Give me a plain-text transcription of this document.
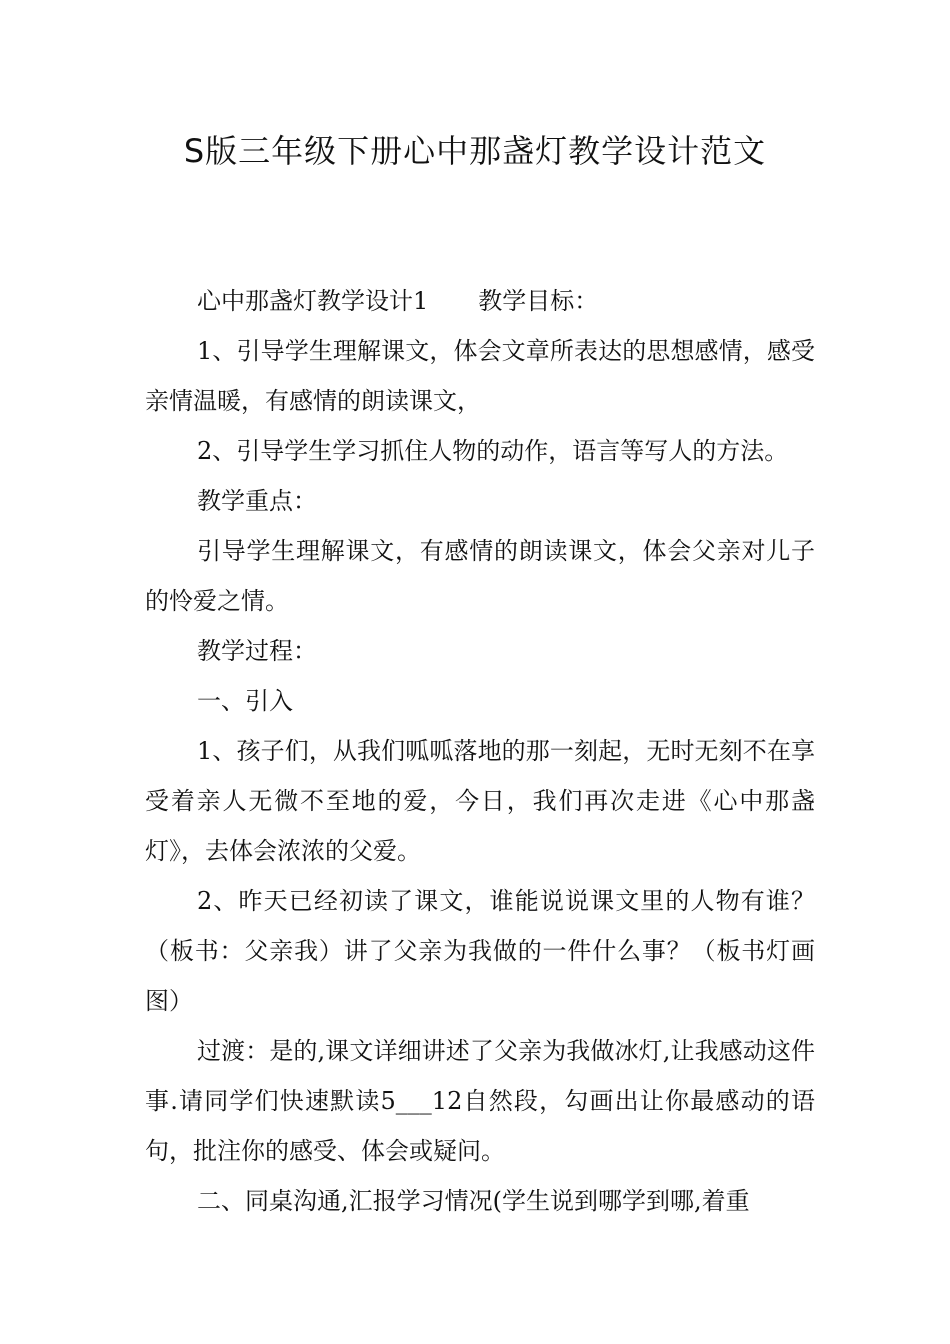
S版三年级下册心中那盏灯教学设计范文

心中那盏灯教学设计1 教学目标：

1、引导学生理解课文，体会文章所表达的思想感情，感受亲情温暖，有感情的朗读课文，

2、引导学生学习抓住人物的动作，语言等写人的方法。

教学重点：

引导学生理解课文，有感情的朗读课文，体会父亲对儿子的怜爱之情。

教学过程：

一、引入

1、孩子们，从我们呱呱落地的那一刻起，无时无刻不在享受着亲人无微不至地的爱，今日，我们再次走进《心中那盏灯》，去体会浓浓的父爱。

2、昨天已经初读了课文，谁能说说课文里的人物有谁？（板书：父亲我）讲了父亲为我做的一件什么事？（板书灯画图）

过渡：是的,课文详细讲述了父亲为我做冰灯,让我感动这件事.请同学们快速默读5___12自然段，勾画出让你最感动的语句，批注你的感受、体会或疑问。

二、同桌沟通,汇报学习情况(学生说到哪学到哪,着重
